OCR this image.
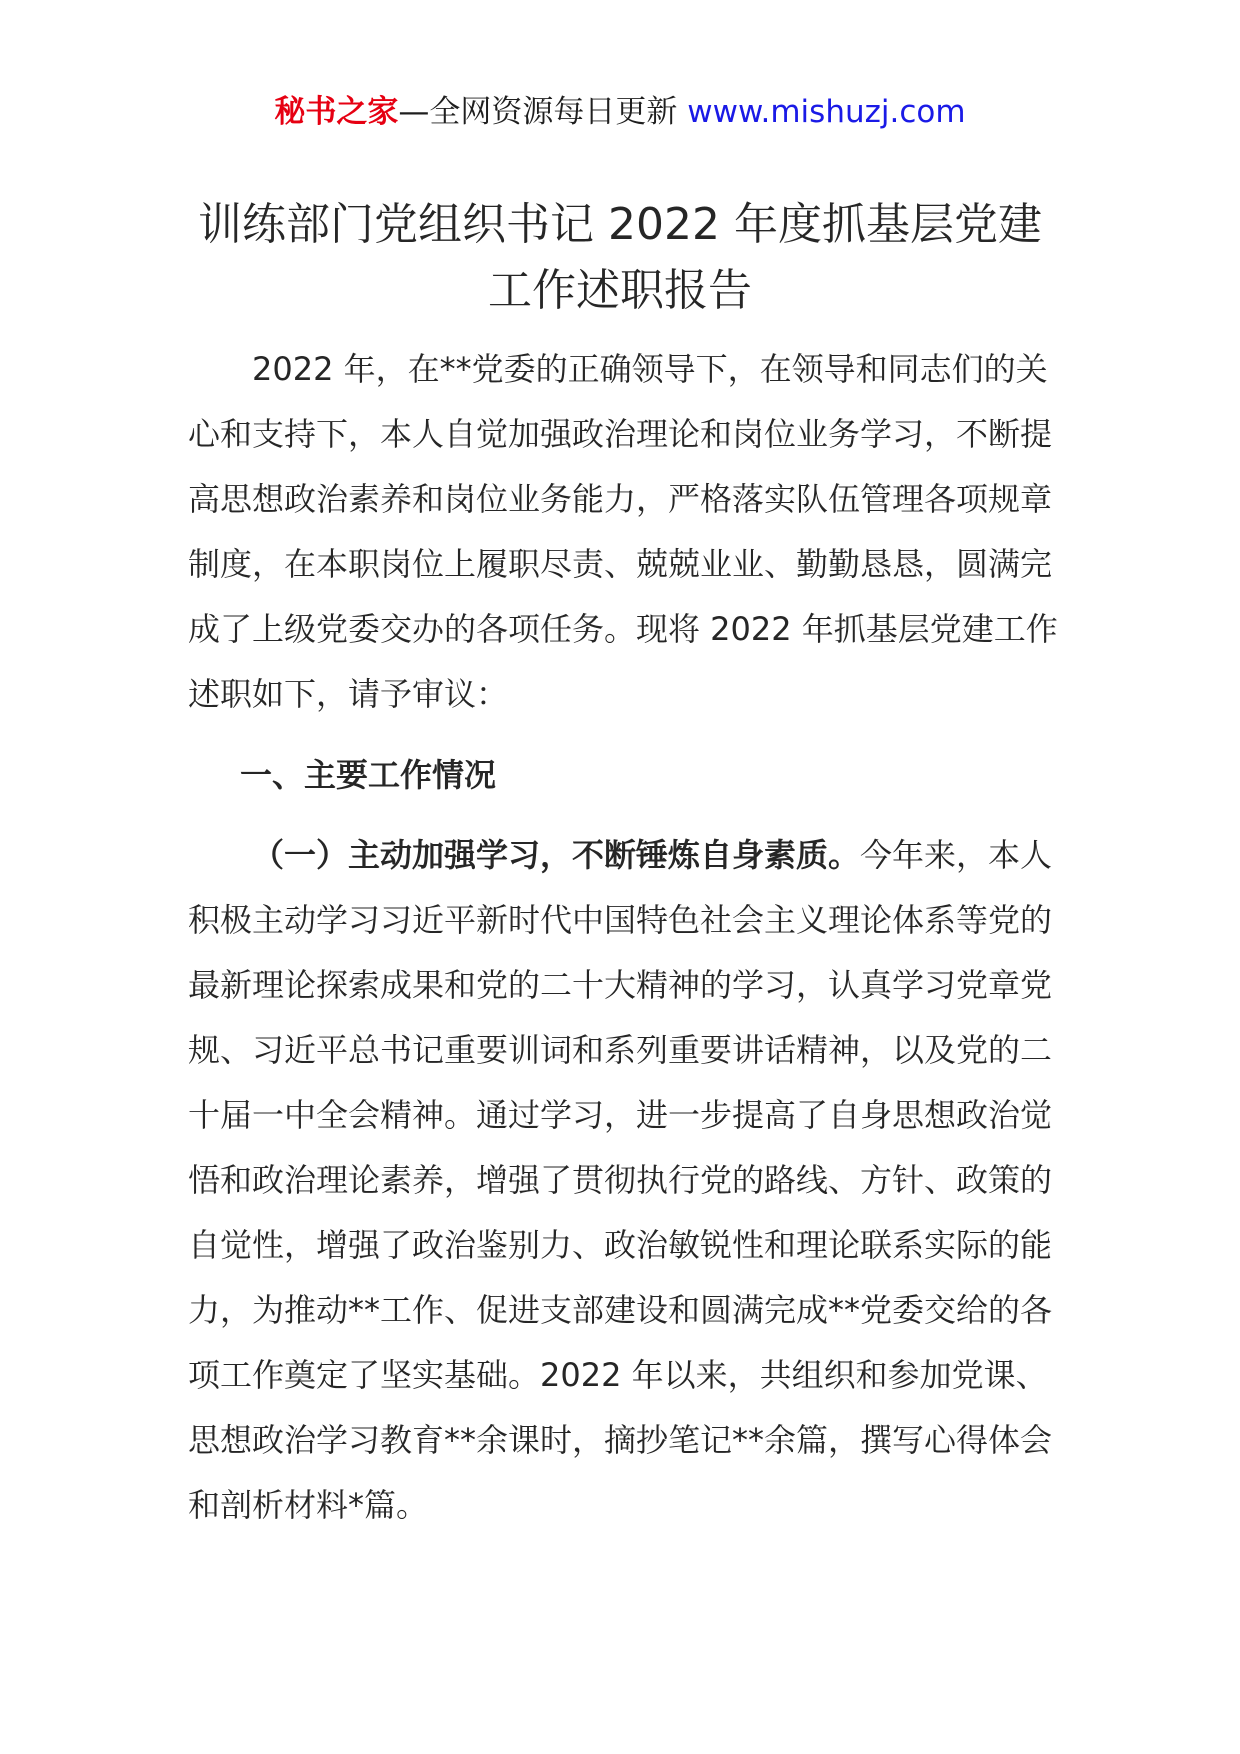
秘书之家—全网资源每日更新 www.mishuzj.com
训练部门党组织书记 2022 年度抓基层党建工作述职报告

2022 年，在**党委的正确领导下，在领导和同志们的关心和支持下，本人自觉加强政治理论和岗位业务学习，不断提高思想政治素养和岗位业务能力，严格落实队伍管理各项规章制度，在本职岗位上履职尽责、兢兢业业、勤勤恳恳，圆满完成了上级党委交办的各项任务。现将 2022 年抓基层党建工作述职如下，请予审议：

一、主要工作情况

（一）主动加强学习，不断锤炼自身素质。今年来，本人积极主动学习习近平新时代中国特色社会主义理论体系等党的最新理论探索成果和党的二十大精神的学习，认真学习党章党规、习近平总书记重要训词和系列重要讲话精神，以及党的二十届一中全会精神。通过学习，进一步提高了自身思想政治觉悟和政治理论素养，增强了贯彻执行党的路线、方针、政策的自觉性，增强了政治鉴别力、政治敏锐性和理论联系实际的能力，为推动**工作、促进支部建设和圆满完成**党委交给的各项工作奠定了坚实基础。2022 年以来，共组织和参加党课、思想政治学习教育**余课时，摘抄笔记**余篇，撰写心得体会和剖析材料*篇。
